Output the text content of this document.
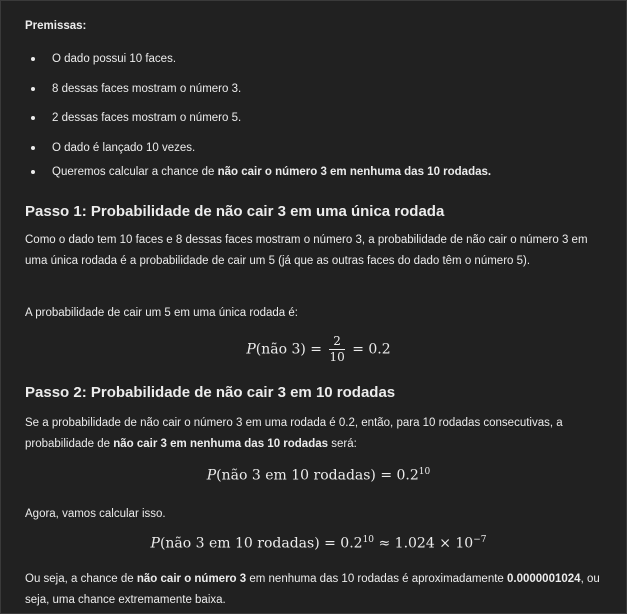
Premissas:
O dado possui 10 faces.
8 dessas faces mostram o número 3.
2 dessas faces mostram o número 5.
O dado é lançado 10 vezes.
Queremos calcular a chance de não cair o número 3 em nenhuma das 10 rodadas.
Passo 1: Probabilidade de não cair 3 em uma única rodada
Como o dado tem 10 faces e 8 dessas faces mostram o número 3, a probabilidade de não cair o número 3 em uma única rodada é a probabilidade de cair um 5 (já que as outras faces do dado têm o número 5).
A probabilidade de cair um 5 em uma única rodada é:
P(não $3) = \frac{2}{10} = 0.2$
Passo 2: Probabilidade de não cair 3 em 10 rodadas
Se a probabilidade de não cair o número 3 em uma rodada é 0.2, então, para 10 rodadas consecutivas, a probabilidade de não cair 3 em nenhuma das 10 rodadas será:
P(não 3 em 10 rodadas) = $0.2^{10}$
Agora, vamos calcular isso.
P(não 3 em 10 rodadas) = $0.2^{10} \approx 1.024 \times 10^{-7}$
Ou seja, a chance de não cair o número 3 em nenhuma das 10 rodadas é aproximadamente 0.0000001024, ou seja, uma chance extremamente baixa.
